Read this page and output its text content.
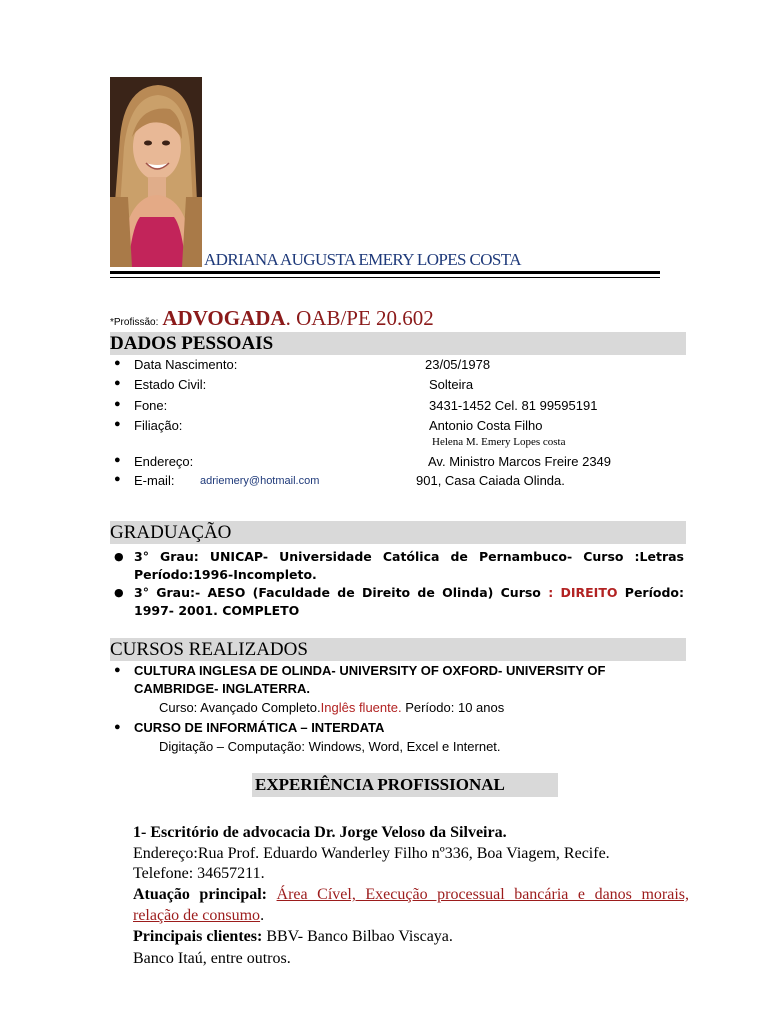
ADRIANA AUGUSTA EMERY LOPES COSTA
*Profissão: ADVOGADA. OAB/PE 20.602
DADOS PESSOAIS
● Data Nascimento:	23/05/1978
● Estado Civil:	Solteira
● Fone:	3431-1452 Cel. 81 99595191
● Filiação:	Antonio Costa Filho
Helena M. Emery Lopes costa
● Endereço:	Av. Ministro Marcos Freire 2349
● E-mail: adriemery@hotmail.com	901, Casa Caiada Olinda.
GRADUAÇÃO
● 3° Grau: UNICAP- Universidade Católica de Pernambuco- Curso :Letras Período:1996-Incompleto.
● 3° Grau:- AESO (Faculdade de Direito de Olinda) Curso : DIREITO Período: 1997- 2001. COMPLETO
CURSOS REALIZADOS
● CULTURA INGLESA DE OLINDA- UNIVERSITY OF OXFORD- UNIVERSITY OF CAMBRIDGE- INGLATERRA.
Curso: Avançado Completo.Inglês fluente. Período: 10 anos
● CURSO DE INFORMÁTICA – INTERDATA
Digitação – Computação: Windows, Word, Excel e Internet.
EXPERIÊNCIA PROFISSIONAL
1- Escritório de advocacia Dr. Jorge Veloso da Silveira.
Endereço:Rua Prof. Eduardo Wanderley Filho nº336, Boa Viagem, Recife.
Telefone: 34657211.
Atuação principal: Área Cível, Execução processual bancária e danos morais, relação de consumo.
Principais clientes: BBV- Banco Bilbao Viscaya.
Banco Itaú, entre outros.
